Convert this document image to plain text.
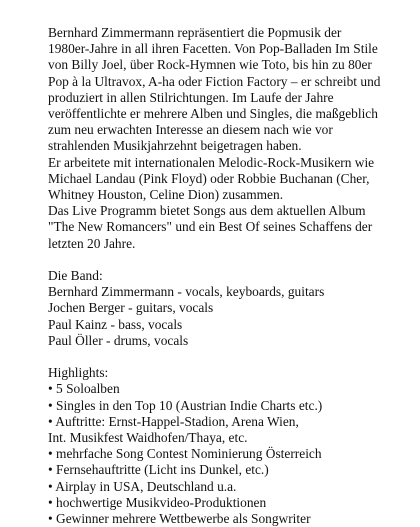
Bernhard Zimmermann repräsentiert die Popmusik der
1980er-Jahre in all ihren Facetten. Von Pop-Balladen Im Stile
von Billy Joel, über Rock-Hymnen wie Toto, bis hin zu 80er
Pop à la Ultravox, A-ha oder Fiction Factory – er schreibt und
produziert in allen Stilrichtungen. Im Laufe der Jahre
veröffentlichte er mehrere Alben und Singles, die maßgeblich
zum neu erwachten Interesse an diesem nach wie vor
strahlenden Musikjahrzehnt beigetragen haben.
Er arbeitete mit internationalen Melodic-Rock-Musikern wie
Michael Landau (Pink Floyd) oder Robbie Buchanan (Cher,
Whitney Houston, Celine Dion) zusammen.
Das Live Programm bietet Songs aus dem aktuellen Album
"The New Romancers" und ein Best Of seines Schaffens der
letzten 20 Jahre.
Die Band:
Bernhard Zimmermann - vocals, keyboards, guitars
Jochen Berger - guitars, vocals
Paul Kainz - bass, vocals
Paul Öller - drums, vocals
Highlights:
• 5 Soloalben
• Singles in den Top 10 (Austrian Indie Charts etc.)
• Auftritte: Ernst-Happel-Stadion, Arena Wien,
Int. Musikfest Waidhofen/Thaya, etc.
• mehrfache Song Contest Nominierung Österreich
• Fernsehauftritte (Licht ins Dunkel, etc.)
• Airplay in USA, Deutschland u.a.
• hochwertige Musikvideo-Produktionen
• Gewinner mehrere Wettbewerbe als Songwriter
